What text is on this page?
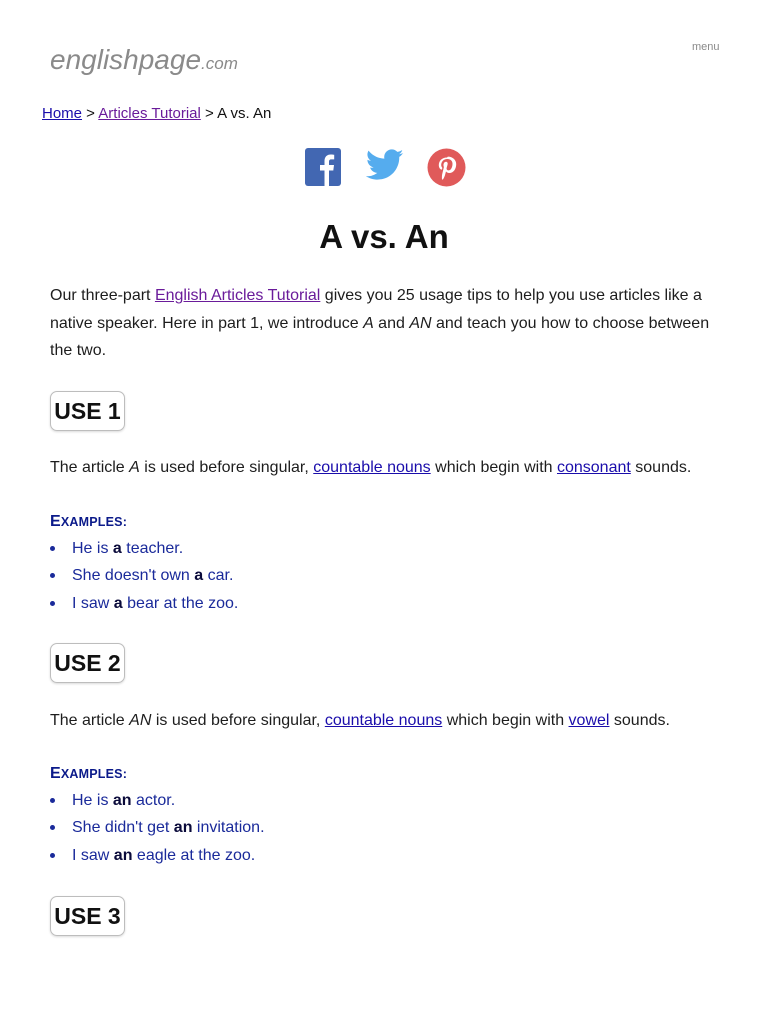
englishpage.com
menu
Home > Articles Tutorial > A vs. An
A vs. An
Our three-part English Articles Tutorial gives you 25 usage tips to help you use articles like a native speaker. Here in part 1, we introduce A and AN and teach you how to choose between the two.
USE 1
The article A is used before singular, countable nouns which begin with consonant sounds.
EXAMPLES:
He is a teacher.
She doesn't own a car.
I saw a bear at the zoo.
USE 2
The article AN is used before singular, countable nouns which begin with vowel sounds.
EXAMPLES:
He is an actor.
She didn't get an invitation.
I saw an eagle at the zoo.
USE 3
